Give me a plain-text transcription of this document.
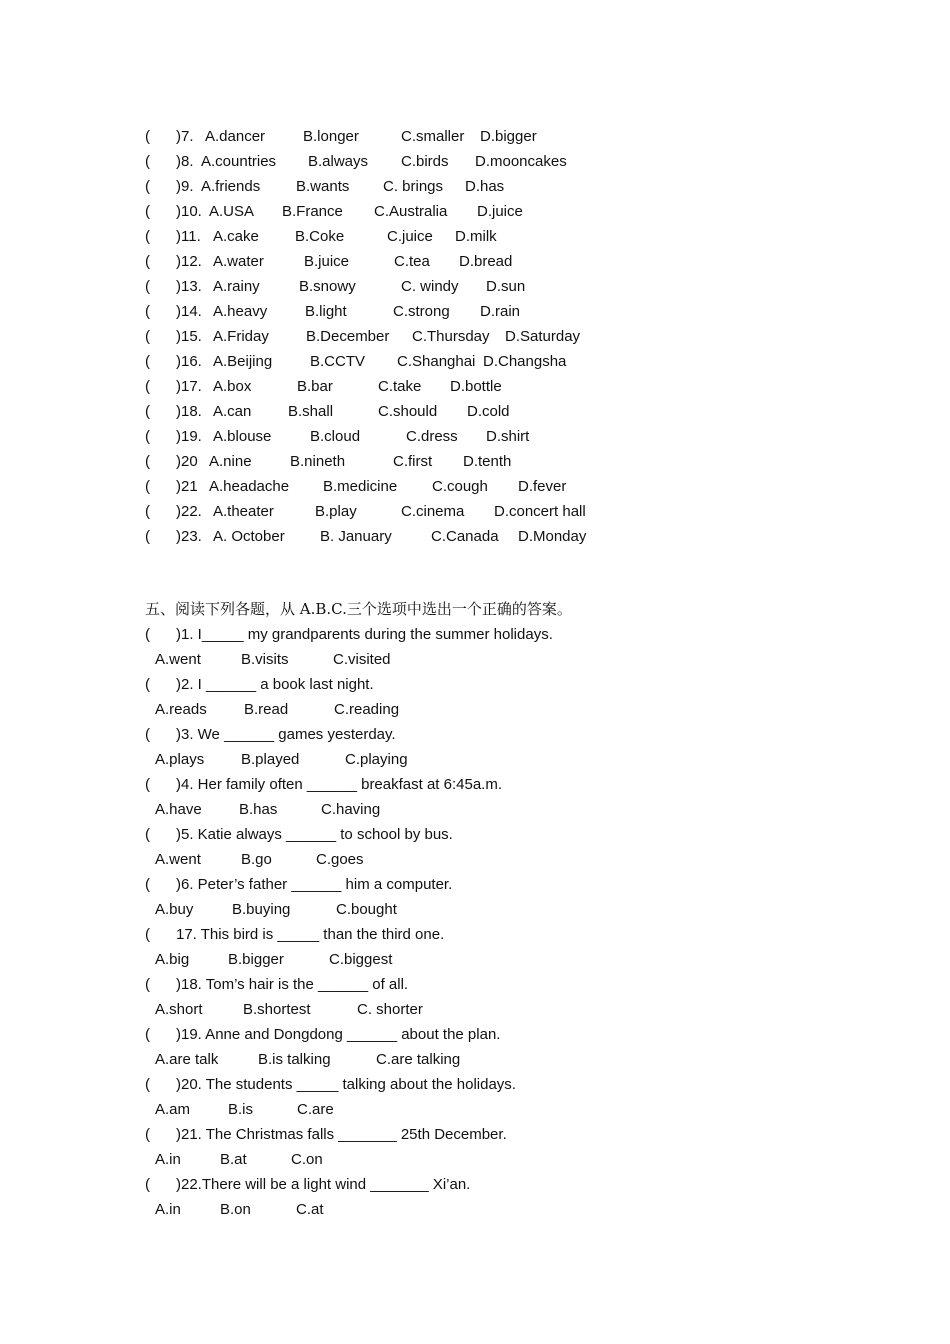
( )7. A.dancer	B.longer	C.smaller D.bigger
( )8. A.countries B.always C.birds D.mooncakes
( )9. A.friends B.wants C. brings D.has
( )10. A.USA B.France C.Australia D.juice
( )11. A.cake B.Coke	C.juice D.milk
( )12. A.water	B.juice	C.tea D.bread
( )13. A.rainy	B.snowy	C. windy D.sun
( )14. A.heavy	B.light	C.strong D.rain
( )15. A.Friday B.December C.Thursday D.Saturday
( )16. A.Beijing	B.CCTV C.Shanghai D.Changsha
( )17. A.box	B.bar	C.take D.bottle
( )18. A.can B.shall	C.should D.cold
( )19. A.blouse	B.cloud	C.dress D.shirt
( )20 A.nine	B.nineth	C.first D.tenth
( )21 A.headache B.medicine C.cough D.fever
( )22. A.theater	B.play	C.cinema D.concert hall
( )23. A. October B. January	C.Canada D.Monday
五、阅读下列各题，从 A.B.C.三个选项中选出一个正确的答案。
( )1. I_____ my grandparents during the summer holidays.
A.went	B.visits	C.visited
( )2. I ______ a book last night.
A.reads B.read	C.reading
( )3. We ______ games yesterday.
A.plays B.played	C.playing
( )4. Her family often ______ breakfast at 6:45a.m.
A.have B.has	C.having
( )5. Katie always ______ to school by bus.
A.went	B.go	C.goes
( )6. Peter’s father ______ him a computer.
A.buy	B.buying	C.bought
( 17. This bird is _____ than the third one.
A.big	B.bigger	C.biggest
( )18. Tom’s hair is the ______ of all.
A.short	B.shortest	C. shorter
( )19. Anne and Dongdong ______ about the plan.
A.are talk	B.is talking	C.are talking
( )20. The students _____ talking about the holidays.
A.am	B.is	C.are
( )21. The Christmas falls _______ 25th December.
A.in	B.at	C.on
( )22.There will be a light wind _______ Xi’an.
A.in	B.on	C.at
